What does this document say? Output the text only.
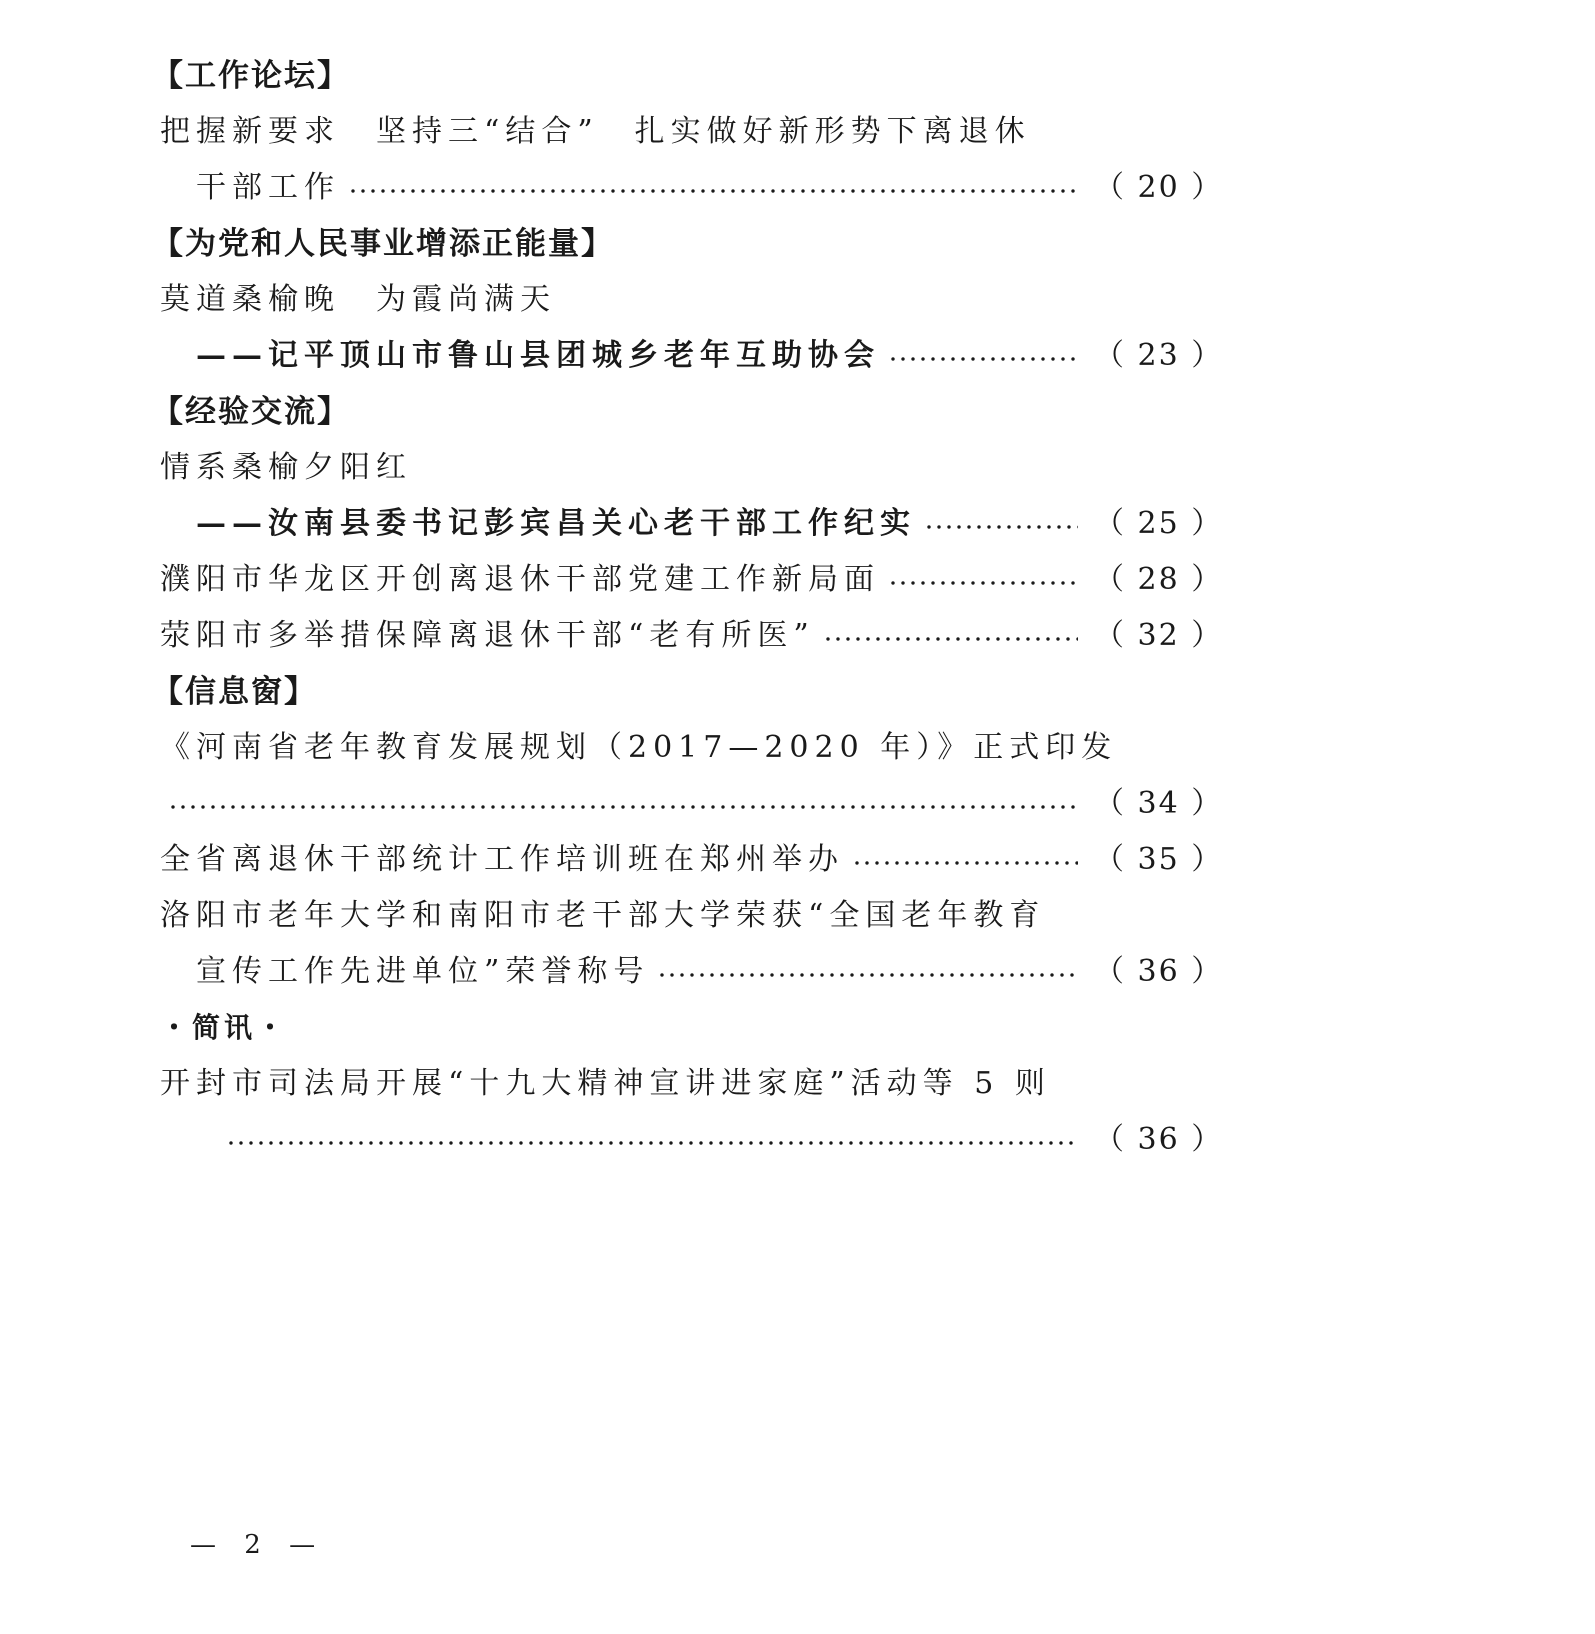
【工作论坛】
把握新要求　坚持三“结合”　扎实做好新形势下离退休
干部工作	（ 20 ）
【为党和人民事业增添正能量】
莫道桑榆晚　为霞尚满天
——记平顶山市鲁山县团城乡老年互助协会	（ 23 ）
【经验交流】
情系桑榆夕阳红
——汝南县委书记彭宾昌关心老干部工作纪实	（ 25 ）
濮阳市华龙区开创离退休干部党建工作新局面	（ 28 ）
荥阳市多举措保障离退休干部“老有所医”	（ 32 ）
【信息窗】
《河南省老年教育发展规划（2017—2020 年）》正式印发
（ 34 ）
全省离退休干部统计工作培训班在郑州举办	（ 35 ）
洛阳市老年大学和南阳市老干部大学荣获“全国老年教育
宣传工作先进单位”荣誉称号	（ 36 ）
・简讯・
开封市司法局开展“十九大精神宣讲进家庭”活动等 5 则
（ 36 ）
— 2 —
